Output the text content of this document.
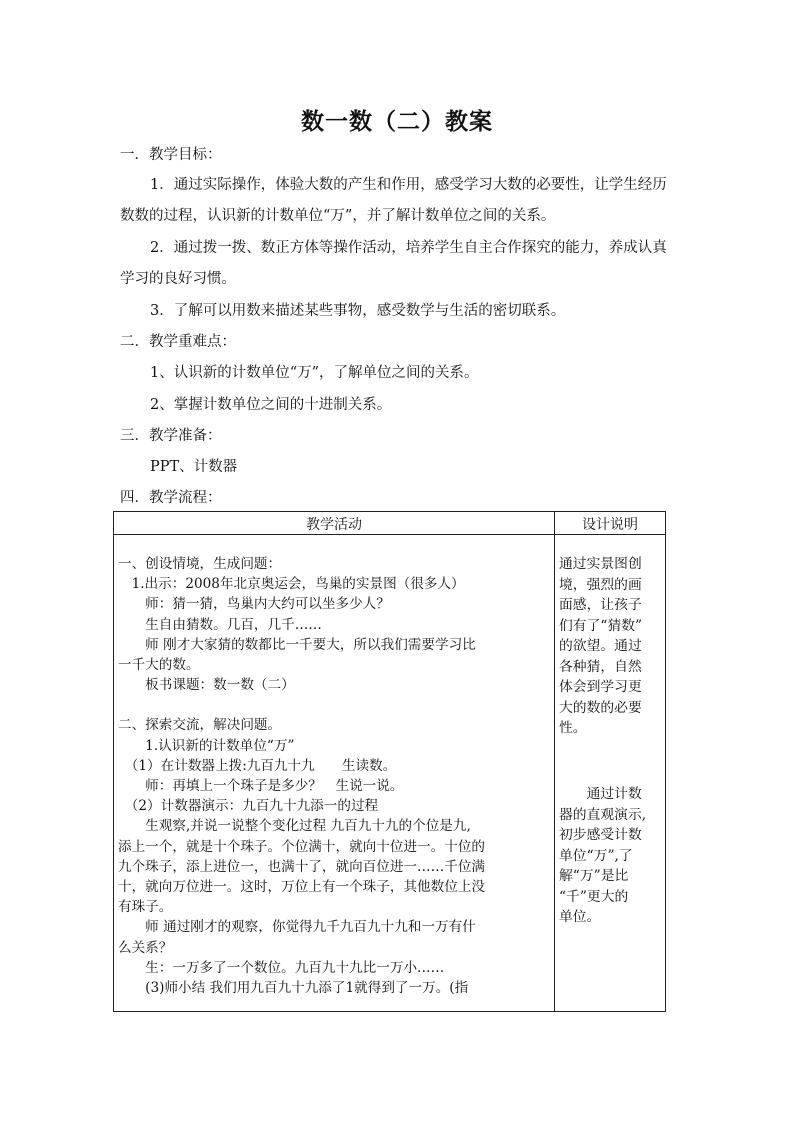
数一数（二）教案
一．教学目标：
1．通过实际操作，体验大数的产生和作用，感受学习大数的必要性，让学生经历数数的过程，认识新的计数单位“万”，并了解计数单位之间的关系。
2．通过拨一拨、数正方体等操作活动，培养学生自主合作探究的能力，养成认真学习的良好习惯。
3．了解可以用数来描述某些事物，感受数学与生活的密切联系。
二．教学重难点：
1、认识新的计数单位“万”，了解单位之间的关系。
2、掌握计数单位之间的十进制关系。
三．教学准备：
PPT、计数器
四．教学流程：
教学活动	设计说明
一、创设情境，生成问题：
　1.出示：2008年北京奥运会，鸟巢的实景图（很多人）
　　师：猜一猜，鸟巢内大约可以坐多少人？
　　生自由猜数。几百，几千……
　　师 刚才大家猜的数都比一千要大，所以我们需要学习比
一千大的数。
　　板书课题：数一数（二）
二、探索交流，解决问题。
　　1.认识新的计数单位“万”
　（1）在计数器上拨:九百九十九　　生读数。
　　师：再填上一个珠子是多少？　生说一说。
　（2）计数器演示：九百九十九添一的过程
　　生观察,并说一说整个变化过程 九百九十九的个位是九,
添上一个，就是十个珠子。个位满十，就向十位进一。十位的
九个珠子，添上进位一，也满十了，就向百位进一……千位满
十，就向万位进一。这时，万位上有一个珠子，其他数位上没
有珠子。
　　师 通过刚才的观察，你觉得九千九百九十九和一万有什
么关系？
　　生：一万多了一个数位。九百九十九比一万小……
　　(3)师小结 我们用九百九十九添了1就得到了一万。(指
通过实景图创
境，强烈的画
面感，让孩子
们有了“猜数”
的欲望。通过
各种猜，自然
体会到学习更
大的数的必要
性。
　　通过计数
器的直观演示,
初步感受计数
单位“万”,了
解“万”是比
“千”更大的
单位。
